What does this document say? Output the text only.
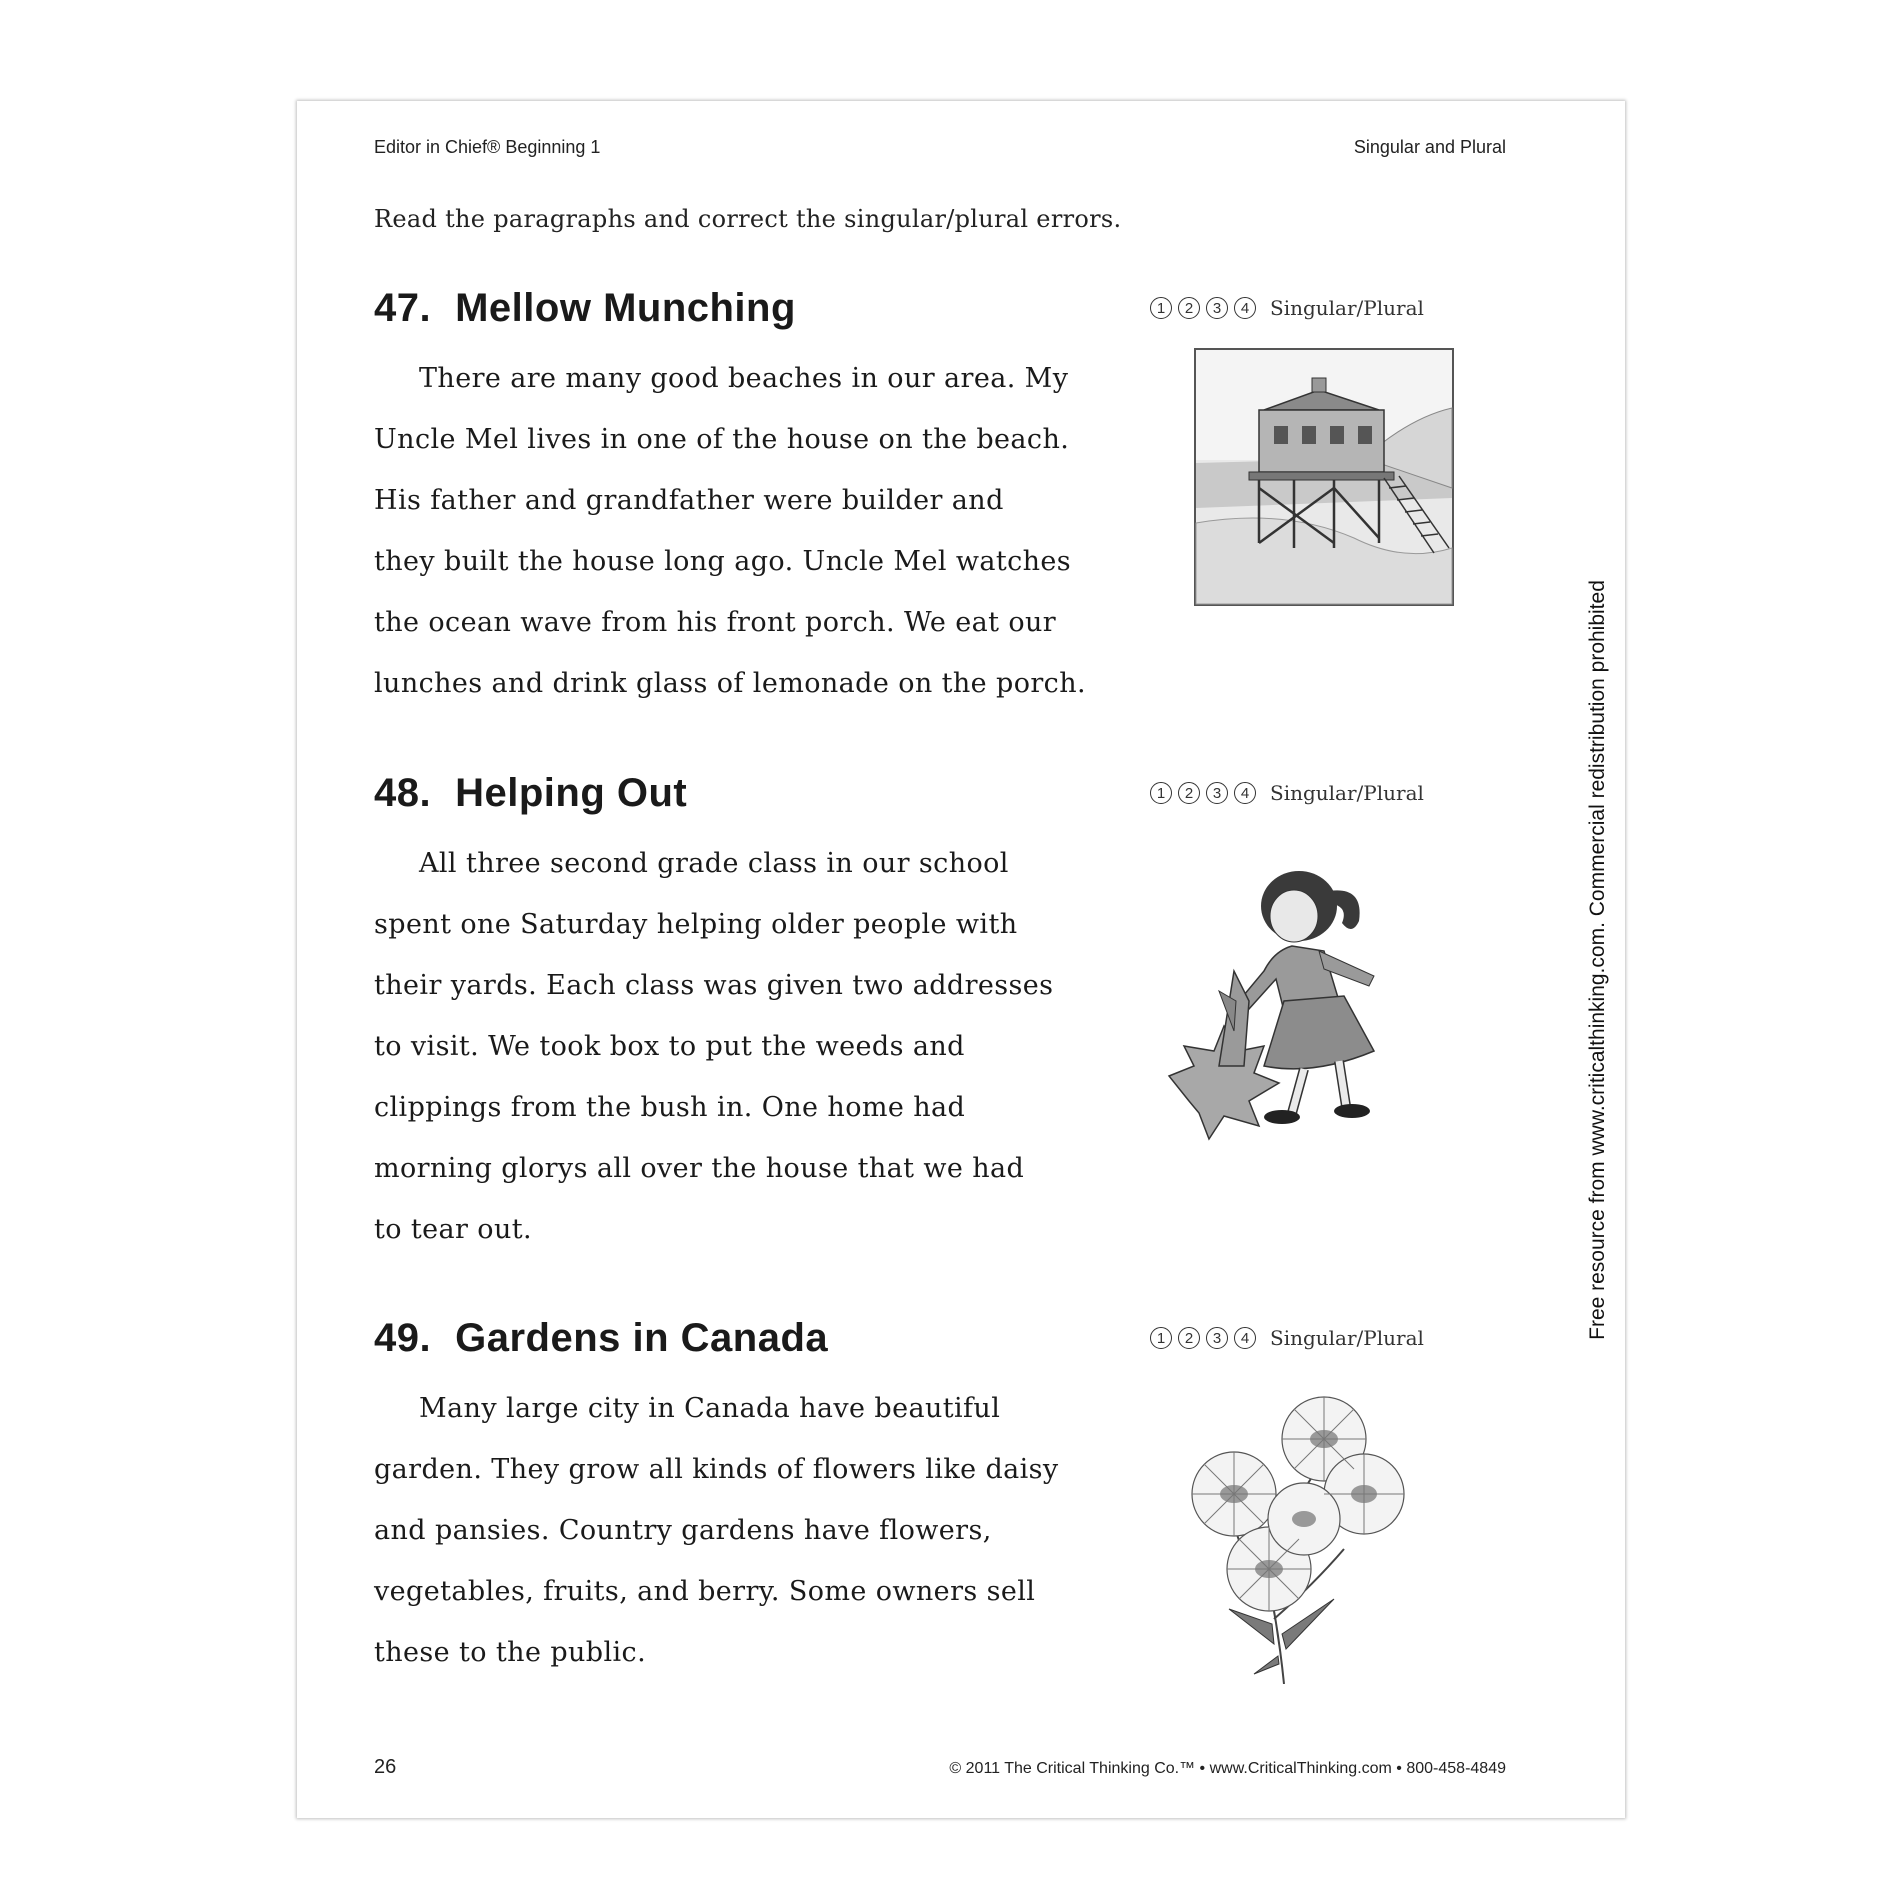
Editor in Chief® Beginning 1	Singular and Plural
Read the paragraphs and correct the singular/plural errors.
47. Mellow Munching	1	2	3	4	Singular/Plural
There are many good beaches in our area. My
Uncle Mel lives in one of the house on the beach.
His father and grandfather were builder and
they built the house long ago. Uncle Mel watches
the ocean wave from his front porch. We eat our
lunches and drink glass of lemonade on the porch.
48. Helping Out	1	2	3	4	Singular/Plural
All three second grade class in our school
spent one Saturday helping older people with
their yards. Each class was given two addresses
to visit. We took box to put the weeds and
clippings from the bush in. One home had
morning glorys all over the house that we had
to tear out.
49. Gardens in Canada	1	2	3	4	Singular/Plural
Many large city in Canada have beautiful
garden. They grow all kinds of flowers like daisy
and pansies. Country gardens have flowers,
vegetables, fruits, and berry. Some owners sell
these to the public.
26	© 2011 The Critical Thinking Co.™ • www.CriticalThinking.com • 800-458-4849
Free resource from www.criticalthinking.com. Commercial redistribution prohibited
